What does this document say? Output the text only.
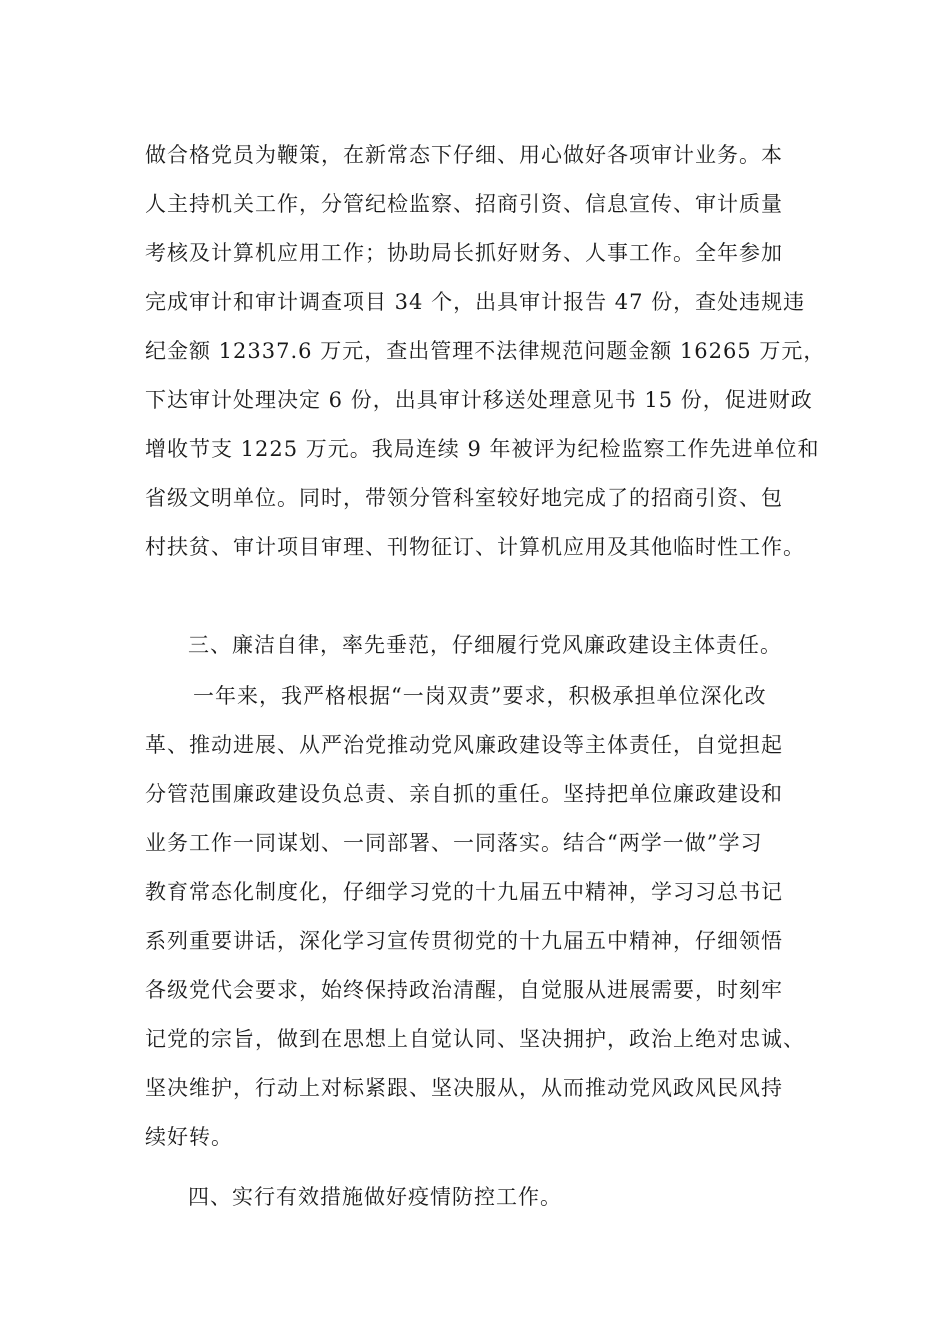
做合格党员为鞭策，在新常态下仔细、用心做好各项审计业务。本
人主持机关工作，分管纪检监察、招商引资、信息宣传、审计质量
考核及计算机应用工作；协助局长抓好财务、人事工作。全年参加
完成审计和审计调查项目 34 个，出具审计报告 47 份，查处违规违
纪金额 12337.6 万元，查出管理不法律规范问题金额 16265 万元，
下达审计处理决定 6 份，出具审计移送处理意见书 15 份，促进财政
增收节支 1225 万元。我局连续 9 年被评为纪检监察工作先进单位和
省级文明单位。同时，带领分管科室较好地完成了的招商引资、包
村扶贫、审计项目审理、刊物征订、计算机应用及其他临时性工作。
三、廉洁自律，率先垂范，仔细履行党风廉政建设主体责任。
一年来，我严格根据“一岗双责”要求，积极承担单位深化改
革、推动进展、从严治党推动党风廉政建设等主体责任，自觉担起
分管范围廉政建设负总责、亲自抓的重任。坚持把单位廉政建设和
业务工作一同谋划、一同部署、一同落实。结合“两学一做”学习
教育常态化制度化，仔细学习党的十九届五中精神，学习习总书记
系列重要讲话，深化学习宣传贯彻党的十九届五中精神，仔细领悟
各级党代会要求，始终保持政治清醒，自觉服从进展需要，时刻牢
记党的宗旨，做到在思想上自觉认同、坚决拥护，政治上绝对忠诚、
坚决维护，行动上对标紧跟、坚决服从，从而推动党风政风民风持
续好转。
四、实行有效措施做好疫情防控工作。
